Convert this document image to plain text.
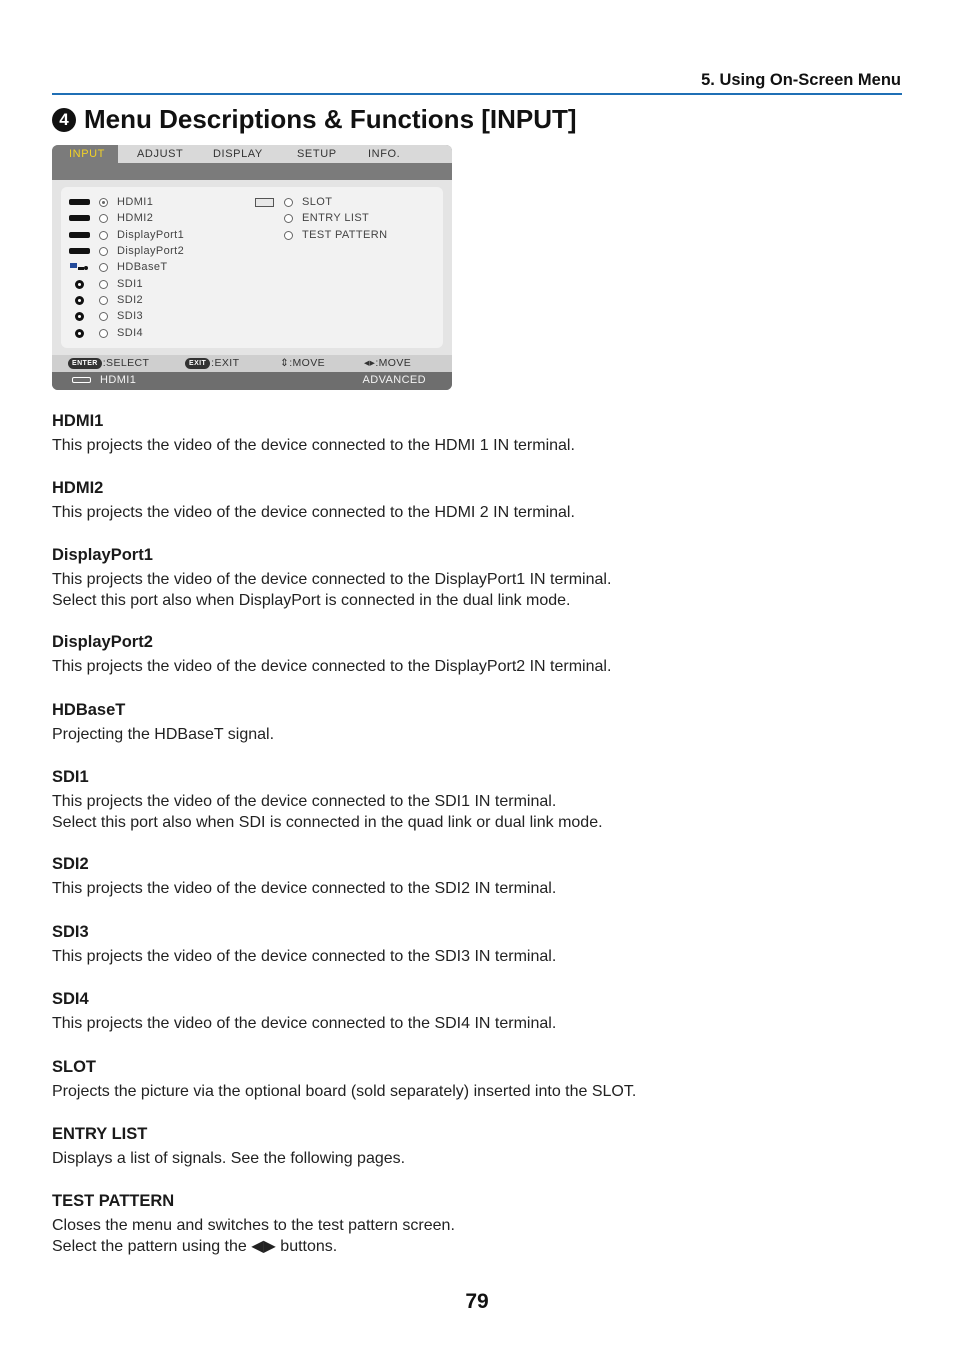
5. Using On-Screen Menu
4 Menu Descriptions & Functions [INPUT]
INPUT	ADJUST	DISPLAY	SETUP	INFO.
HDMI1
HDMI2
DisplayPort1
DisplayPort2
HDBaseT
SDI1
SDI2
SDI3
SDI4
SLOT
ENTRY LIST
TEST PATTERN
ENTER :SELECT	EXIT :EXIT	⇕:MOVE	◂▸:MOVE
HDMI1	ADVANCED
HDMI1

This projects the video of the device connected to the HDMI 1 IN terminal.

HDMI2

This projects the video of the device connected to the HDMI 2 IN terminal.

DisplayPort1

This projects the video of the device connected to the DisplayPort1 IN terminal.
Select this port also when DisplayPort is connected in the dual link mode.

DisplayPort2

This projects the video of the device connected to the DisplayPort2 IN terminal.

HDBaseT

Projecting the HDBaseT signal.

SDI1

This projects the video of the device connected to the SDI1 IN terminal.
Select this port also when SDI is connected in the quad link or dual link mode.

SDI2

This projects the video of the device connected to the SDI2 IN terminal.

SDI3

This projects the video of the device connected to the SDI3 IN terminal.

SDI4

This projects the video of the device connected to the SDI4 IN terminal.

SLOT

Projects the picture via the optional board (sold separately) inserted into the SLOT.

ENTRY LIST

Displays a list of signals. See the following pages.

TEST PATTERN

Closes the menu and switches to the test pattern screen.
Select the pattern using the ◀▶ buttons.

79
